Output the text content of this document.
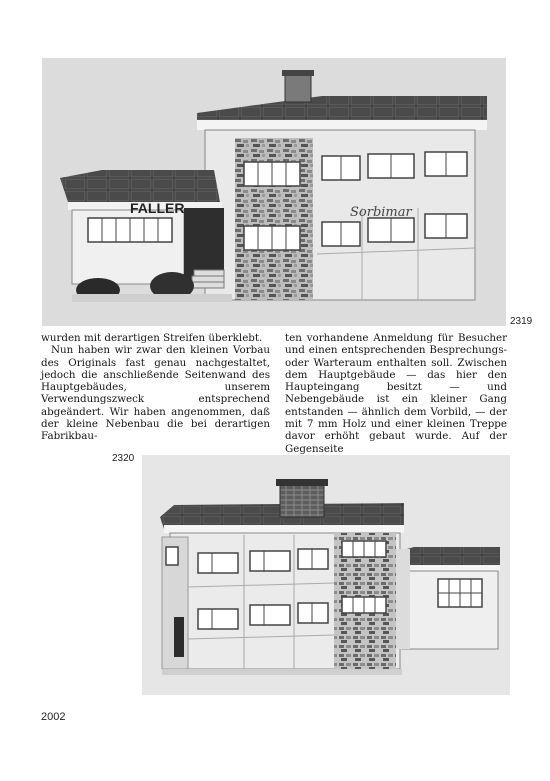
Sorbimar
FALLER
2319

wurden mit derartigen Streifen überklebt.

Nun haben wir zwar den kleinen Vorbau des Originals fast genau nachgestaltet, jedoch die anschließende Seitenwand des Hauptgebäudes, unserem Verwendungszweck entsprechend abgeändert. Wir haben angenommen, daß der kleine Nebenbau die bei derartigen Fabrikbau-

ten vorhandene Anmeldung für Besucher und einen entsprechenden Besprechungs- oder Warteraum enthalten soll. Zwischen dem Hauptgebäude — das hier den Haupteingang besitzt — und Nebengebäude ist ein kleiner Gang entstanden — ähnlich dem Vorbild, — der mit 7 mm Holz und einer kleinen Treppe davor erhöht gebaut wurde. Auf der Gegenseite

2320
2002
